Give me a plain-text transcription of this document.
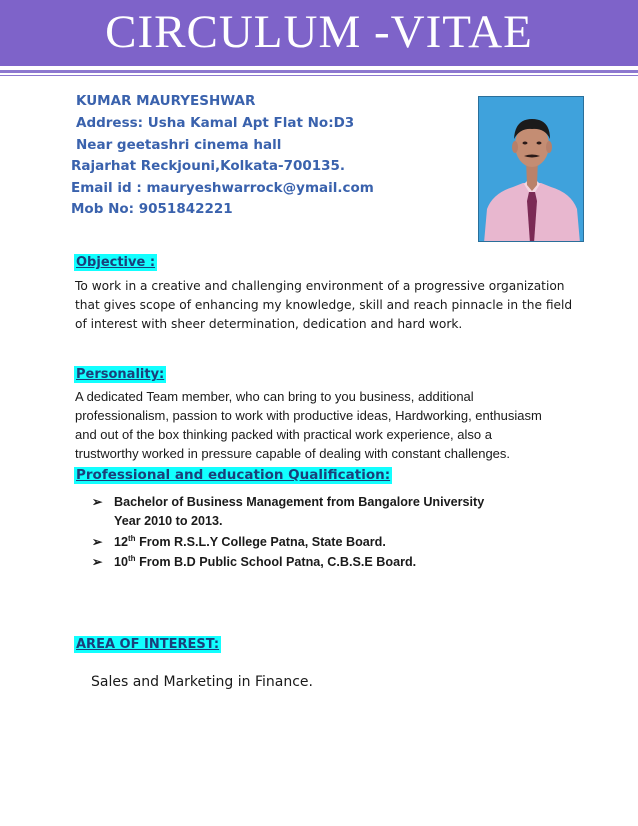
CIRCULUM -VITAE
KUMAR MAURYESHWAR
Address: Usha Kamal Apt Flat No:D3
Near geetashri cinema hall
Rajarhat Reckjouni,Kolkata-700135.
Email id : mauryeshwarrock@ymail.com
Mob No: 9051842221
Objective :
To work in a creative and challenging environment of a progressive organization
that gives scope of enhancing my knowledge, skill and reach pinnacle in the field
of interest with sheer determination, dedication and hard work.
Personality:
A dedicated Team member, who can bring to you business, additional
professionalism, passion to work with productive ideas, Hardworking, enthusiasm
and out of the box thinking packed with practical work experience, also a
trustworthy worked in pressure capable of dealing with constant challenges.
Professional and education Qualification:
➢ Bachelor of Business Management from Bangalore University
Year 2010 to 2013.
➢ 12th From R.S.L.Y College Patna, State Board.
➢ 10th From B.D Public School Patna, C.B.S.E Board.
AREA OF INTEREST:
Sales and Marketing in Finance.
